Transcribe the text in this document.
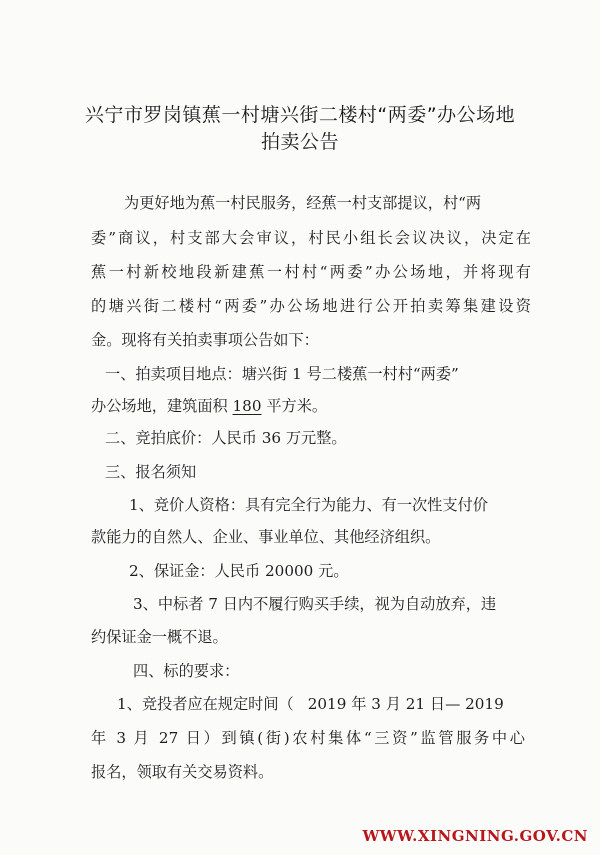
兴宁市罗岗镇蕉一村塘兴街二楼村“两委”办公场地
拍卖公告
为更好地为蕉一村民服务，经蕉一村支部提议，村“两
委”商议，村支部大会审议，村民小组长会议决议，决定在
蕉一村新校地段新建蕉一村村“两委”办公场地，并将现有
的塘兴街二楼村“两委”办公场地进行公开拍卖筹集建设资
金。现将有关拍卖事项公告如下：
一、拍卖项目地点：塘兴街 1 号二楼蕉一村村“两委”
办公场地，建筑面积 180 平方米。
二、竞拍底价：人民币 36 万元整。
三、报名须知
1、竞价人资格：具有完全行为能力、有一次性支付价
款能力的自然人、企业、事业单位、其他经济组织。
2、保证金：人民币 20000 元。
3、中标者 7 日内不履行购买手续，视为自动放弃，违
约保证金一概不退。
四、标的要求：
1、竞投者应在规定时间（ 2019 年 3 月 21 日— 2019
年 3 月 27 日）到镇(街)农村集体“三资”监管服务中心
报名，领取有关交易资料。
WWW.XINGNING.GOV.CN
